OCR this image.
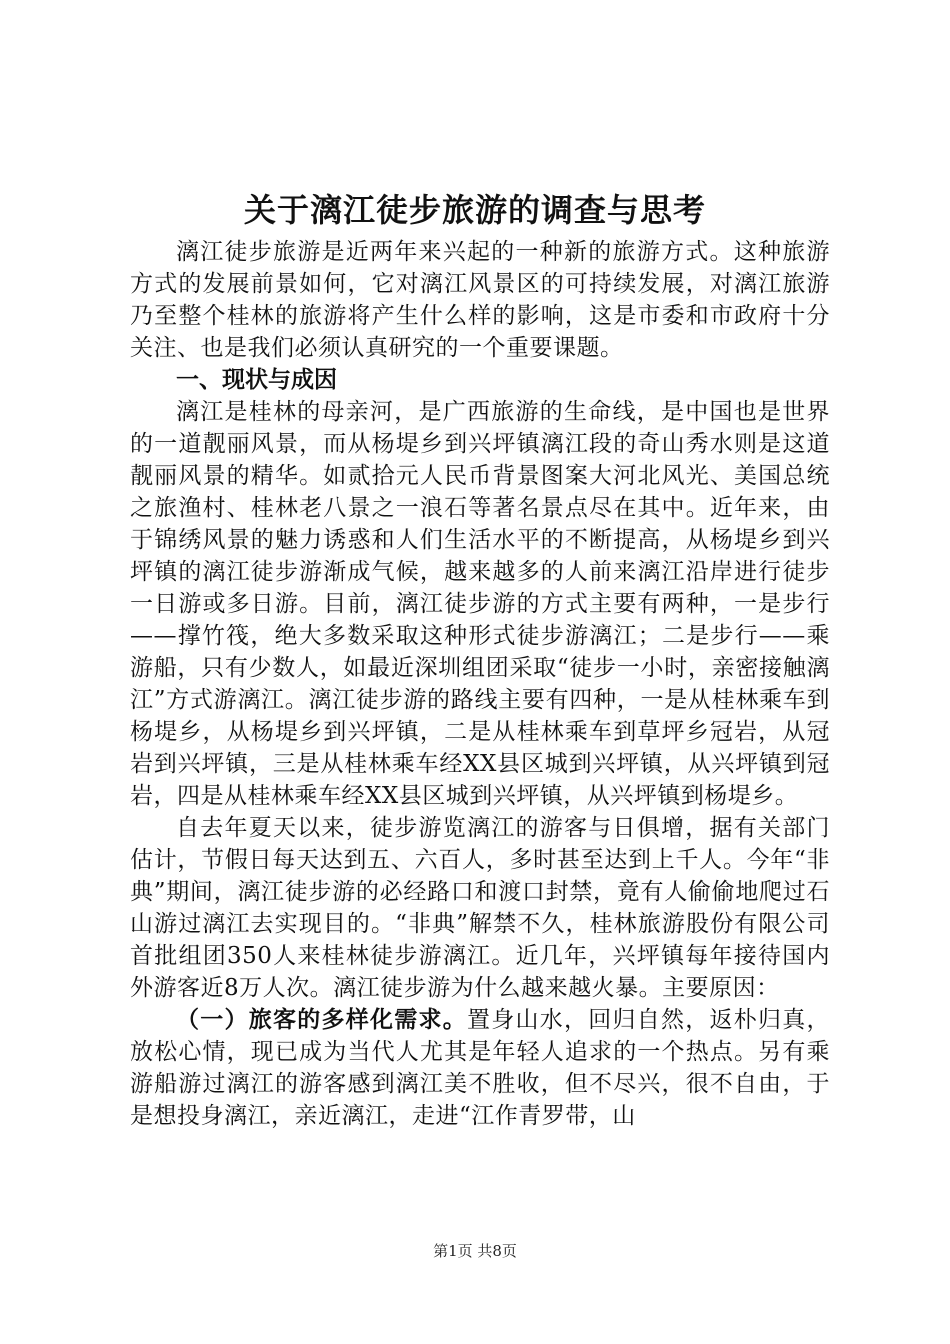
关于漓江徒步旅游的调查与思考

漓江徒步旅游是近两年来兴起的一种新的旅游方式。这种旅游方式的发展前景如何，它对漓江风景区的可持续发展，对漓江旅游乃至整个桂林的旅游将产生什么样的影响，这是市委和市政府十分关注、也是我们必须认真研究的一个重要课题。

一、现状与成因

漓江是桂林的母亲河，是广西旅游的生命线，是中国也是世界的一道靓丽风景，而从杨堤乡到兴坪镇漓江段的奇山秀水则是这道靓丽风景的精华。如贰拾元人民币背景图案大河北风光、美国总统之旅渔村、桂林老八景之一浪石等著名景点尽在其中。近年来，由于锦绣风景的魅力诱惑和人们生活水平的不断提高，从杨堤乡到兴坪镇的漓江徒步游渐成气候，越来越多的人前来漓江沿岸进行徒步一日游或多日游。目前，漓江徒步游的方式主要有两种，一是步行——撑竹筏，绝大多数采取这种形式徒步游漓江；二是步行——乘游船，只有少数人，如最近深圳组团采取“徒步一小时，亲密接触漓江”方式游漓江。漓江徒步游的路线主要有四种，一是从桂林乘车到杨堤乡，从杨堤乡到兴坪镇，二是从桂林乘车到草坪乡冠岩，从冠岩到兴坪镇，三是从桂林乘车经XX县区城到兴坪镇，从兴坪镇到冠岩，四是从桂林乘车经XX县区城到兴坪镇，从兴坪镇到杨堤乡。

自去年夏天以来，徒步游览漓江的游客与日俱增，据有关部门估计，节假日每天达到五、六百人，多时甚至达到上千人。今年“非典”期间，漓江徒步游的必经路口和渡口封禁，竟有人偷偷地爬过石山游过漓江去实现目的。“非典”解禁不久，桂林旅游股份有限公司首批组团350人来桂林徒步游漓江。近几年，兴坪镇每年接待国内外游客近8万人次。漓江徒步游为什么越来越火暴。主要原因：

（一）旅客的多样化需求。置身山水，回归自然，返朴归真，放松心情，现已成为当代人尤其是年轻人追求的一个热点。另有乘游船游过漓江的游客感到漓江美不胜收，但不尽兴，很不自由，于是想投身漓江，亲近漓江，走进“江作青罗带，山

第1页 共8页
